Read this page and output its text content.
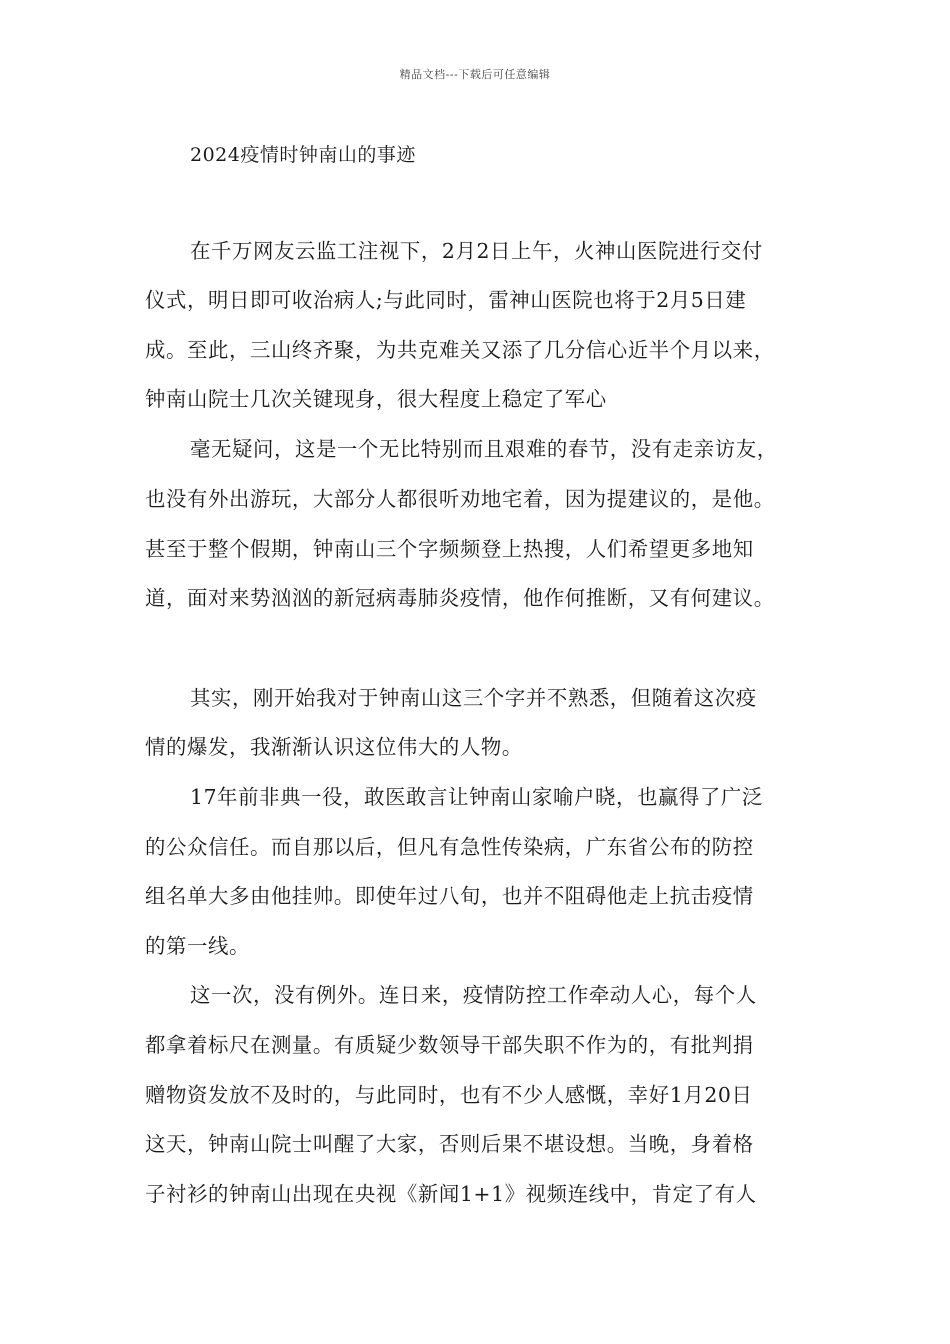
精品文档---下载后可任意编辑
2024疫情时钟南山的事迹
在千万网友云监工注视下，2月2日上午，火神山医院进行交付
仪式，明日即可收治病人;与此同时，雷神山医院也将于2月5日建
成。至此，三山终齐聚，为共克难关又添了几分信心近半个月以来，
钟南山院士几次关键现身，很大程度上稳定了军心
毫无疑问，这是一个无比特别而且艰难的春节，没有走亲访友，
也没有外出游玩，大部分人都很听劝地宅着，因为提建议的，是他。
甚至于整个假期，钟南山三个字频频登上热搜，人们希望更多地知
道，面对来势汹汹的新冠病毒肺炎疫情，他作何推断，又有何建议。
其实，刚开始我对于钟南山这三个字并不熟悉，但随着这次疫
情的爆发，我渐渐认识这位伟大的人物。
17年前非典一役，敢医敢言让钟南山家喻户晓，也赢得了广泛
的公众信任。而自那以后，但凡有急性传染病，广东省公布的防控
组名单大多由他挂帅。即使年过八旬，也并不阻碍他走上抗击疫情
的第一线。
这一次，没有例外。连日来，疫情防控工作牵动人心，每个人
都拿着标尺在测量。有质疑少数领导干部失职不作为的，有批判捐
赠物资发放不及时的，与此同时，也有不少人感慨，幸好1月20日
这天，钟南山院士叫醒了大家，否则后果不堪设想。当晚，身着格
子衬衫的钟南山出现在央视《新闻1+1》视频连线中，肯定了有人
